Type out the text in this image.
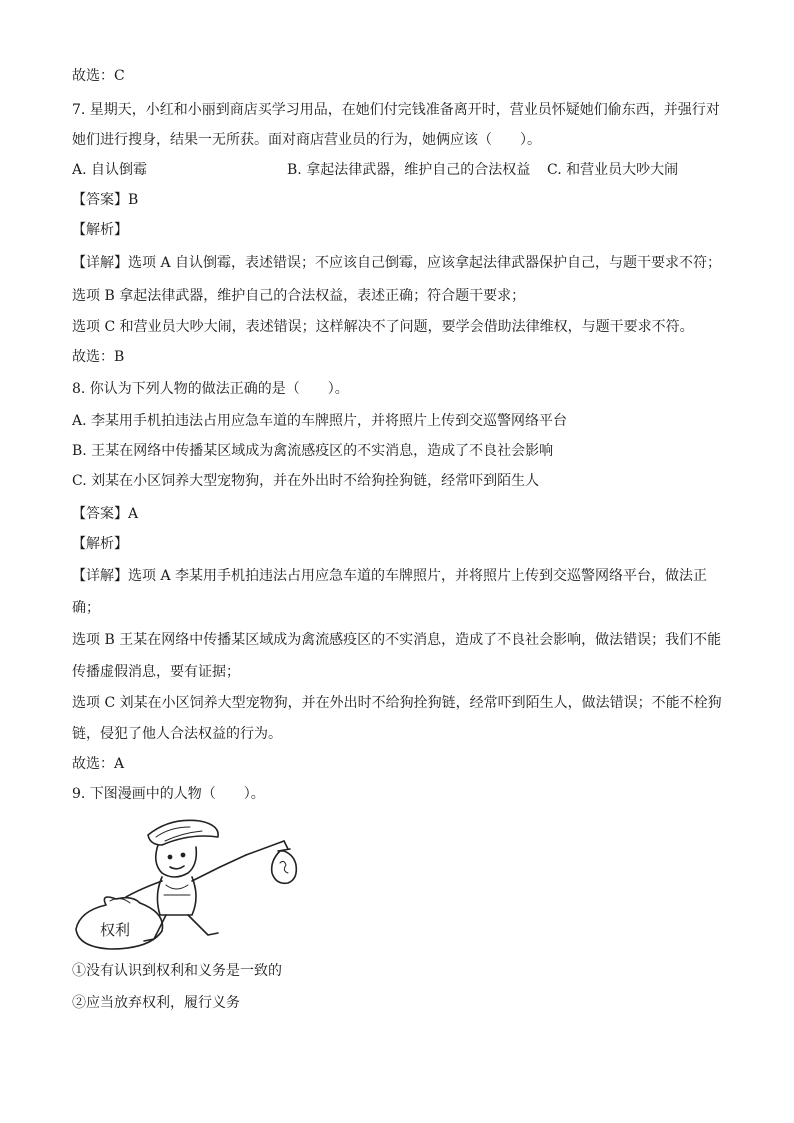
故选：C
7. 星期天，小红和小丽到商店买学习用品，在她们付完钱准备离开时，营业员怀疑她们偷东西，并强行对
她们进行搜身，结果一无所获。面对商店营业员的行为，她俩应该（　　）。
A. 自认倒霉	B. 拿起法律武器，维护自己的合法权益 C. 和营业员大吵大闹
【答案】B
【解析】
【详解】选项 A 自认倒霉，表述错误；不应该自己倒霉，应该拿起法律武器保护自己，与题干要求不符；
选项 B 拿起法律武器，维护自己的合法权益，表述正确；符合题干要求；
选项 C 和营业员大吵大闹，表述错误；这样解决不了问题，要学会借助法律维权，与题干要求不符。
故选：B
8. 你认为下列人物的做法正确的是（　　）。
A. 李某用手机拍违法占用应急车道的车牌照片，并将照片上传到交巡警网络平台
B. 王某在网络中传播某区域成为禽流感疫区的不实消息，造成了不良社会影响
C. 刘某在小区饲养大型宠物狗，并在外出时不给狗拴狗链，经常吓到陌生人
【答案】A
【解析】
【详解】选项 A 李某用手机拍违法占用应急车道的车牌照片，并将照片上传到交巡警网络平台，做法正
确；
选项 B 王某在网络中传播某区域成为禽流感疫区的不实消息，造成了不良社会影响，做法错误；我们不能
传播虚假消息，要有证据；
选项 C 刘某在小区饲养大型宠物狗，并在外出时不给狗拴狗链，经常吓到陌生人，做法错误；不能不栓狗
链，侵犯了他人合法权益的行为。
故选：A
9. 下图漫画中的人物（　　）。
权利
①没有认识到权利和义务是一致的
②应当放弃权利，履行义务
